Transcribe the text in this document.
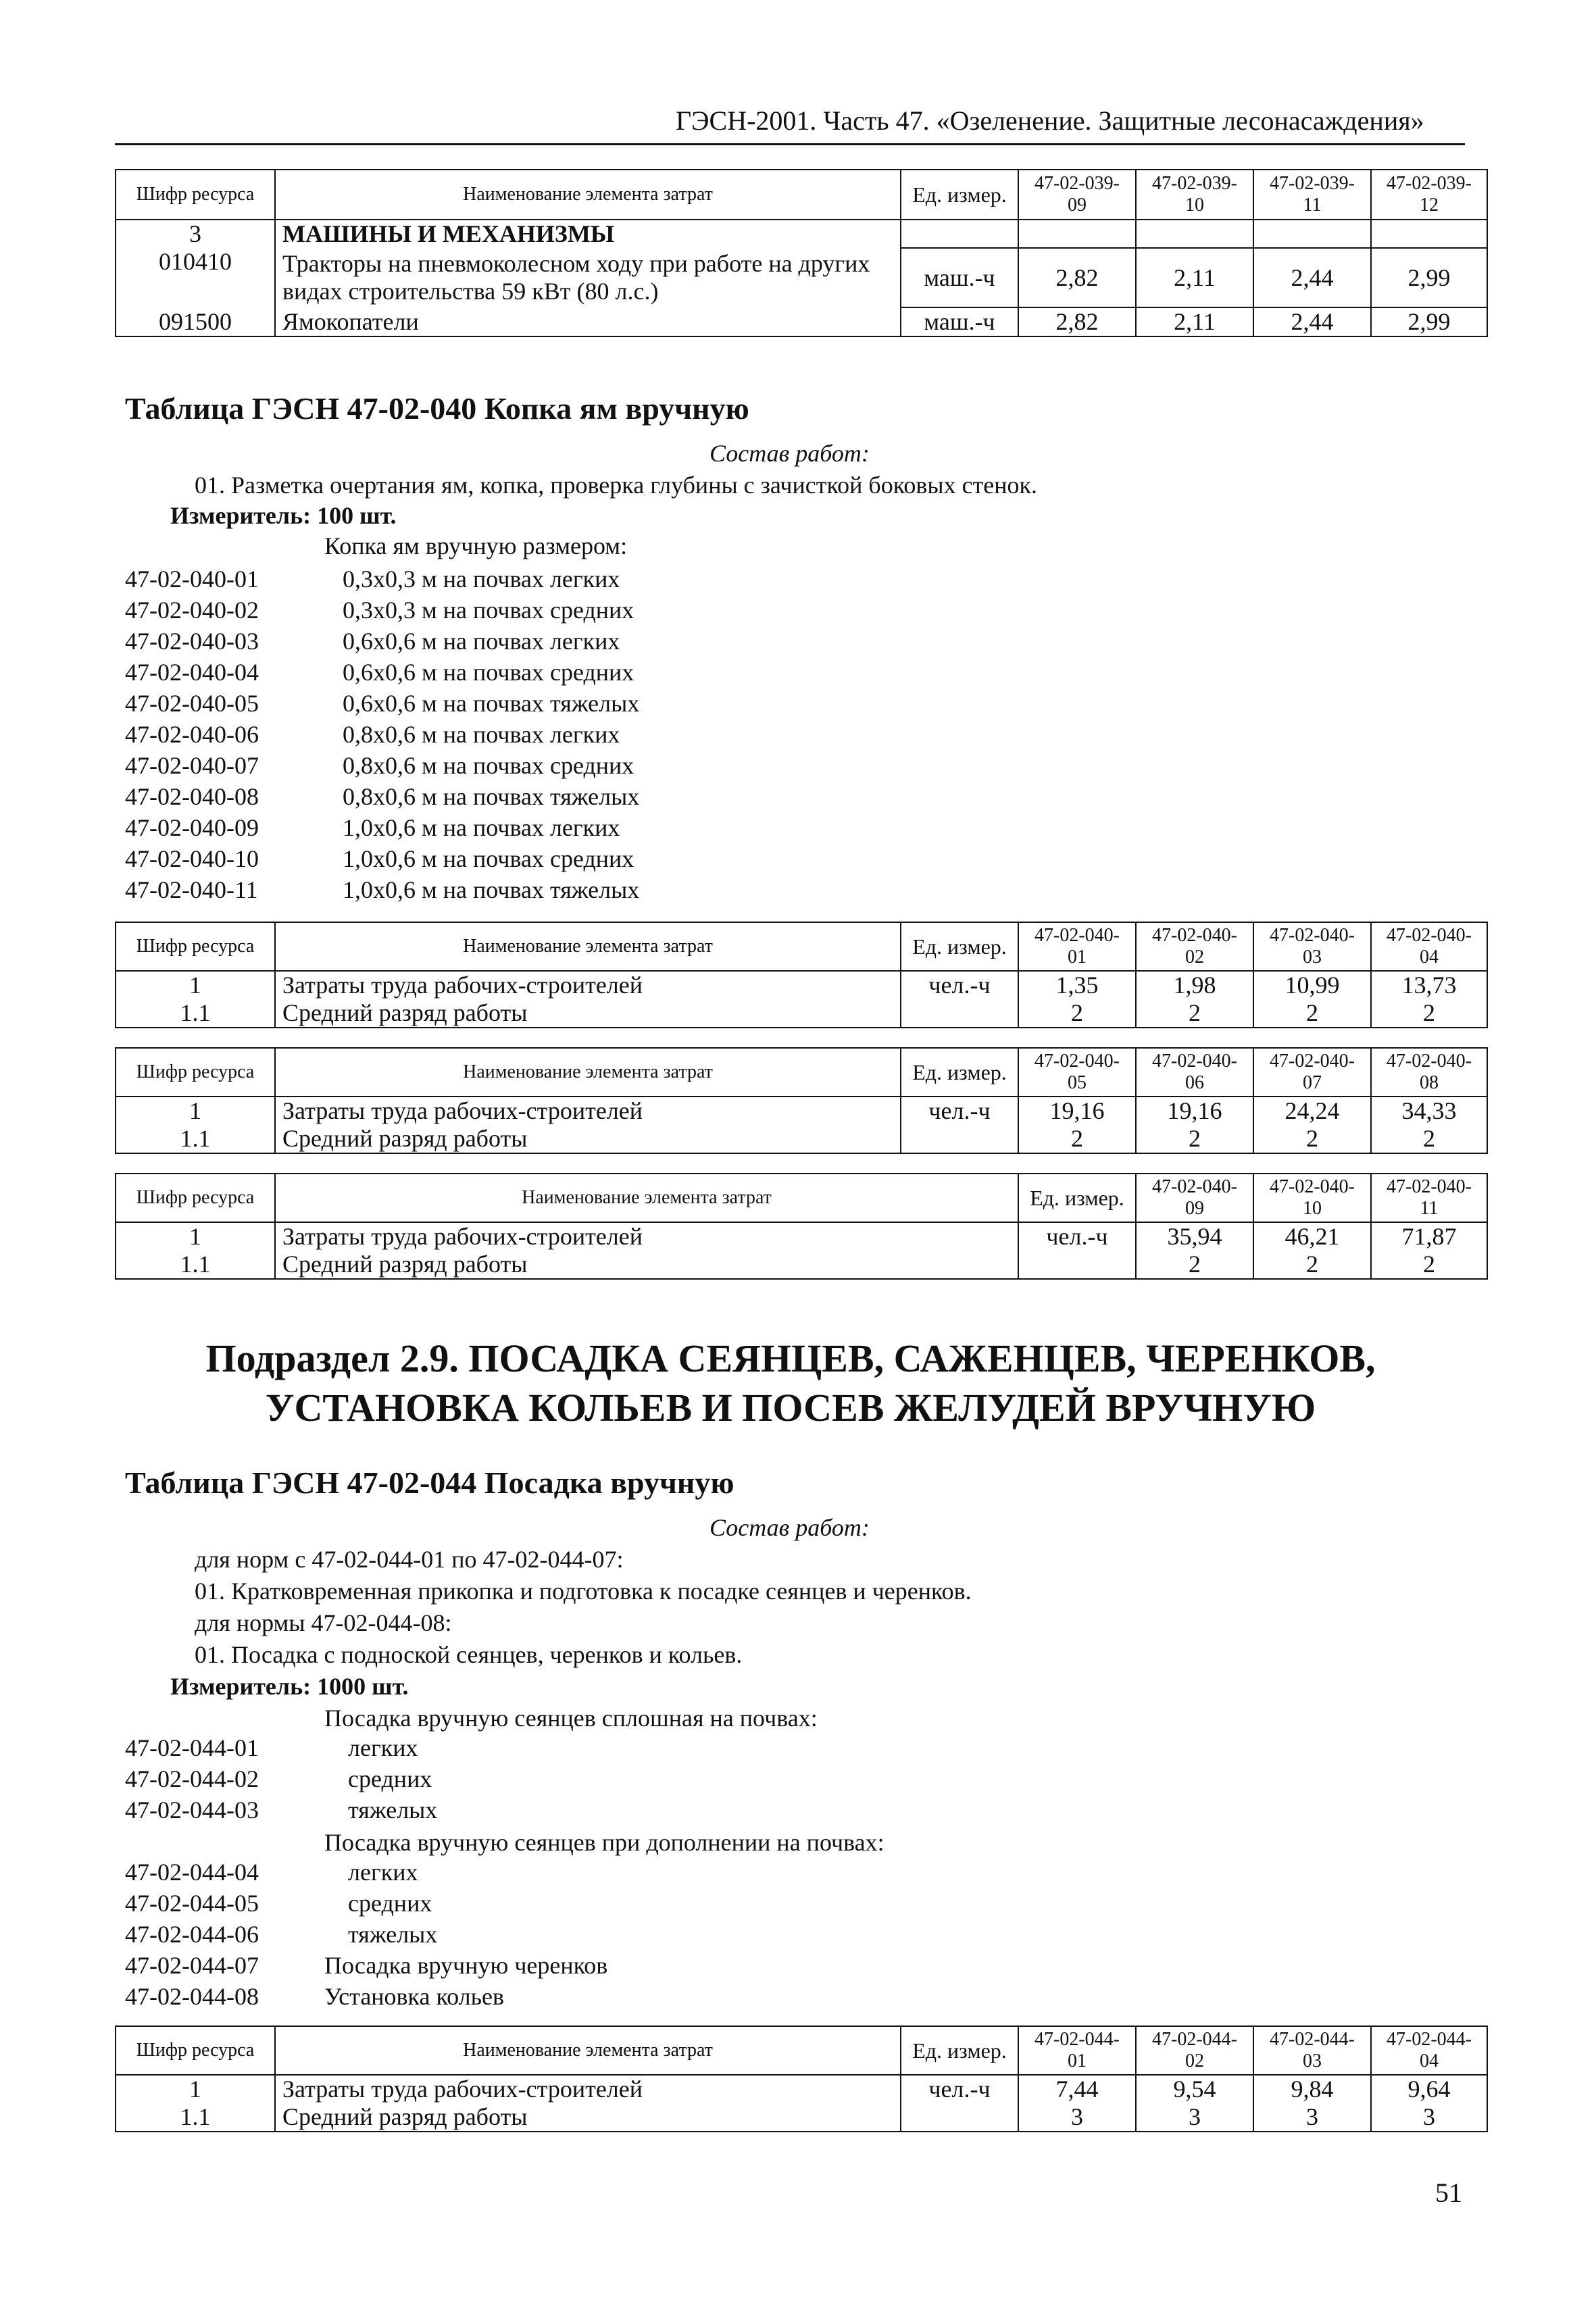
ГЭСН-2001. Часть 47. «Озеленение. Защитные лесонасаждения»
Шифр ресурса	Наименование элемента затрат	Ед. измер.	47-02-039-09	47-02-039-10	47-02-039-11	47-02-039-12
3	МАШИНЫ И МЕХАНИЗМЫ					
010410	Тракторы на пневмоколесном ходу при работе на других видах строительства 59 кВт (80 л.с.)	маш.-ч	2,82	2,11	2,44	2,99
091500	Ямокопатели	маш.-ч	2,82	2,11	2,44	2,99
Таблица ГЭСН 47-02-040 Копка ям вручную
Состав работ:
01. Разметка очертания ям, копка, проверка глубины с зачисткой боковых стенок.
Измеритель: 100 шт.
Копка ям вручную размером:
47-02-040-01	0,3х0,3 м на почвах легких
47-02-040-02	0,3х0,3 м на почвах средних
47-02-040-03	0,6х0,6 м на почвах легких
47-02-040-04	0,6х0,6 м на почвах средних
47-02-040-05	0,6х0,6 м на почвах тяжелых
47-02-040-06	0,8х0,6 м на почвах легких
47-02-040-07	0,8х0,6 м на почвах средних
47-02-040-08	0,8х0,6 м на почвах тяжелых
47-02-040-09	1,0х0,6 м на почвах легких
47-02-040-10	1,0х0,6 м на почвах средних
47-02-040-11	1,0х0,6 м на почвах тяжелых
Шифр ресурса	Наименование элемента затрат	Ед. измер.	47-02-040-01	47-02-040-02	47-02-040-03	47-02-040-04
1	Затраты труда рабочих-строителей	чел.-ч	1,35	1,98	10,99	13,73
1.1	Средний разряд работы		2	2	2	2
Шифр ресурса	Наименование элемента затрат	Ед. измер.	47-02-040-05	47-02-040-06	47-02-040-07	47-02-040-08
1	Затраты труда рабочих-строителей	чел.-ч	19,16	19,16	24,24	34,33
1.1	Средний разряд работы		2	2	2	2
Шифр ресурса	Наименование элемента затрат	Ед. измер.	47-02-040-09	47-02-040-10	47-02-040-11
1	Затраты труда рабочих-строителей	чел.-ч	35,94	46,21	71,87
1.1	Средний разряд работы		2	2	2
Подраздел 2.9. ПОСАДКА СЕЯНЦЕВ, САЖЕНЦЕВ, ЧЕРЕНКОВ,
УСТАНОВКА КОЛЬЕВ И ПОСЕВ ЖЕЛУДЕЙ ВРУЧНУЮ
Таблица ГЭСН 47-02-044 Посадка вручную
Состав работ:
для норм с 47-02-044-01 по 47-02-044-07:
01. Кратковременная прикопка и подготовка к посадке сеянцев и черенков.
для нормы 47-02-044-08:
01. Посадка с подноской сеянцев, черенков и кольев.
Измеритель: 1000 шт.
Посадка вручную сеянцев сплошная на почвах:
47-02-044-01	легких
47-02-044-02	средних
47-02-044-03	тяжелых
Посадка вручную сеянцев при дополнении на почвах:
47-02-044-04	легких
47-02-044-05	средних
47-02-044-06	тяжелых
47-02-044-07	Посадка вручную черенков
47-02-044-08	Установка кольев
Шифр ресурса	Наименование элемента затрат	Ед. измер.	47-02-044-01	47-02-044-02	47-02-044-03	47-02-044-04
1	Затраты труда рабочих-строителей	чел.-ч	7,44	9,54	9,84	9,64
1.1	Средний разряд работы		3	3	3	3
51
